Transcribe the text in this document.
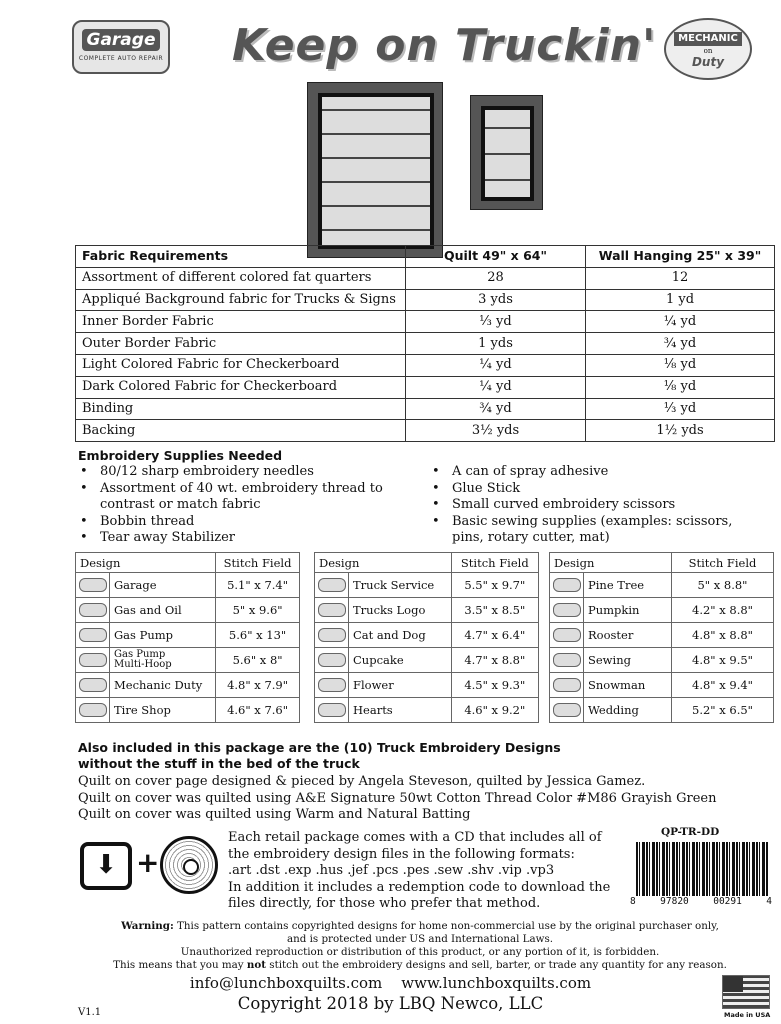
Garage
COMPLETE AUTO REPAIR Keep on Truckin'	MECHANIC
on
Duty
Fabric Requirements	Quilt 49" x 64"	Wall Hanging 25" x 39"
Assortment of different colored fat quarters	28	12
Appliqué Background fabric for Trucks & Signs	3 yds	1 yd
Inner Border Fabric	⅓ yd	¼ yd
Outer Border Fabric	1 yds	¾ yd
Light Colored Fabric for Checkerboard	¼ yd	⅛ yd
Dark Colored Fabric for Checkerboard	¼ yd	⅛ yd
Binding	¾ yd	⅓ yd
Backing	3½ yds	1½ yds
Embroidery Supplies Needed
• 80/12 sharp embroidery needles
• Assortment of 40 wt. embroidery thread to contrast or match fabric
• Bobbin thread
• Tear away Stabilizer
• A can of spray adhesive
• Glue Stick
• Small curved embroidery scissors
• Basic sewing supplies (examples: scissors, pins, rotary cutter, mat)
Design		Stitch Field

	Garage	5.1" x 7.4"

	Gas and Oil	5" x 9.6"

	Gas Pump	5.6" x 13"

	Gas Pump
Multi-Hoop	5.6" x 8"

	Mechanic Duty	4.8" x 7.9"

	Tire Shop	4.6" x 7.6"
Design		Stitch Field

	Truck Service	5.5" x 9.7"

	Trucks Logo	3.5" x 8.5"

	Cat and Dog	4.7" x 6.4"

	Cupcake	4.7" x 8.8"

	Flower	4.5" x 9.3"

	Hearts	4.6" x 9.2"
Design		Stitch Field

	Pine Tree	5" x 8.8"

	Pumpkin	4.2" x 8.8"

	Rooster	4.8" x 8.8"

	Sewing	4.8" x 9.5"

	Snowman	4.8" x 9.4"

	Wedding	5.2" x 6.5"
Also included in this package are the (10) Truck Embroidery Designs
without the stuff in the bed of the truck
Quilt on cover page designed & pieced by Angela Steveson, quilted by Jessica Gamez.
Quilt on cover was quilted using A&E Signature 50wt Cotton Thread Color #M86 Grayish Green
Quilt on cover was quilted using Warm and Natural Batting
⬇ +
Each retail package comes with a CD that includes all of
the embroidery design files in the following formats:
.art .dst .exp .hus .jef .pcs .pes .sew .shv .vip .vp3
In addition it includes a redemption code to download the
files directly, for those who prefer that method.
QP-TR-DD
8	97820	00291	4
Warning: This pattern contains copyrighted designs for home non-commercial use by the original purchaser only,
and is protected under US and International Laws.
Unauthorized reproduction or distribution of this product, or any portion of it, is forbidden.
This means that you may not stitch out the embroidery designs and sell, barter, or trade any quantity for any reason.
info@lunchboxquilts.com    www.lunchboxquilts.com
Copyright 2018 by LBQ Newco, LLC
V1.1	Made in USA
